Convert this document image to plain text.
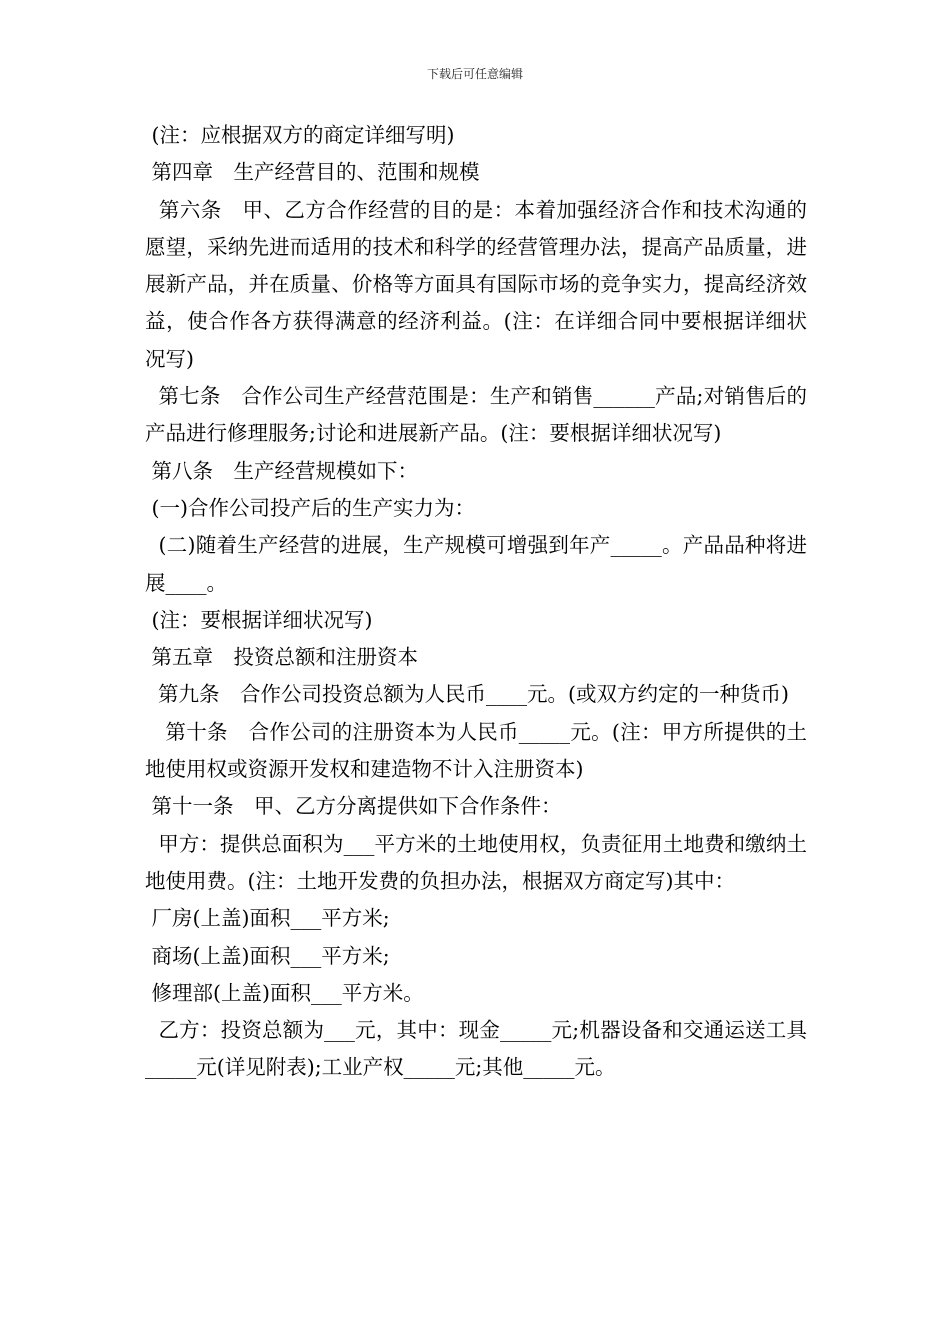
下载后可任意编辑

(注：应根据双方的商定详细写明)

第四章　生产经营目的、范围和规模

第六条　甲、乙方合作经营的目的是：本着加强经济合作和技术沟通的愿望，采纳先进而适用的技术和科学的经营管理办法，提高产品质量，进展新产品，并在质量、价格等方面具有国际市场的竞争实力，提高经济效益，使合作各方获得满意的经济利益。(注：在详细合同中要根据详细状况写)

第七条　合作公司生产经营范围是：生产和销售______产品;对销售后的产品进行修理服务;讨论和进展新产品。(注：要根据详细状况写)

第八条　生产经营规模如下：

(一)合作公司投产后的生产实力为：

(二)随着生产经营的进展，生产规模可增强到年产_____。产品品种将进展____。

(注：要根据详细状况写)

第五章　投资总额和注册资本

第九条　合作公司投资总额为人民币____元。(或双方约定的一种货币)

第十条　合作公司的注册资本为人民币_____元。(注：甲方所提供的土地使用权或资源开发权和建造物不计入注册资本)

第十一条　甲、乙方分离提供如下合作条件：

甲方：提供总面积为___平方米的土地使用权，负责征用土地费和缴纳土地使用费。(注：土地开发费的负担办法，根据双方商定写)其中：

厂房(上盖)面积___平方米;

商场(上盖)面积___平方米;

修理部(上盖)面积___平方米。

乙方：投资总额为___元，其中：现金_____元;机器设备和交通运送工具_____元(详见附表);工业产权_____元;其他_____元。
